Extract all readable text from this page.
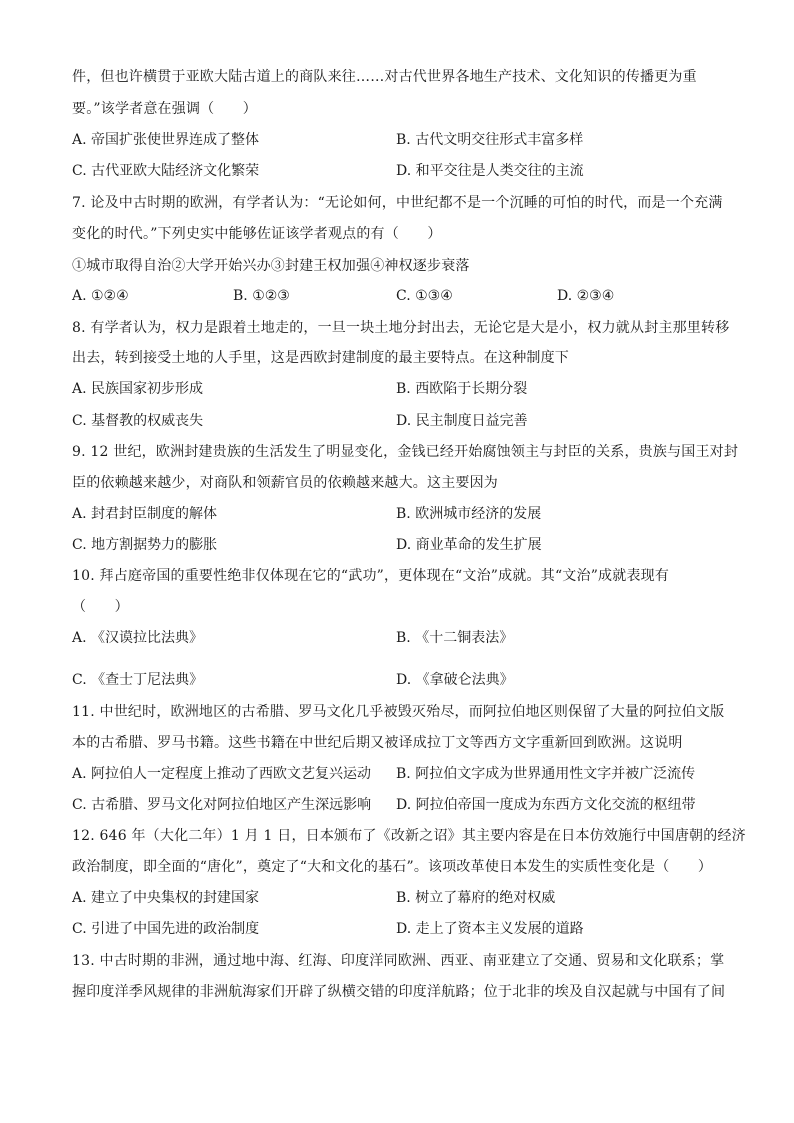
件，但也许横贯于亚欧大陆古道上的商队来往……对古代世界各地生产技术、文化知识的传播更为重
要。”该学者意在强调（　　）
A. 帝国扩张使世界连成了整体	B. 古代文明交往形式丰富多样
C. 古代亚欧大陆经济文化繁荣	D. 和平交往是人类交往的主流
7. 论及中古时期的欧洲，有学者认为：“无论如何，中世纪都不是一个沉睡的可怕的时代，而是一个充满
变化的时代。”下列史实中能够佐证该学者观点的有（　　）
①城市取得自治②大学开始兴办③封建王权加强④神权逐步衰落
A. ①②④	B. ①②③	C. ①③④	D. ②③④
8. 有学者认为，权力是跟着土地走的，一旦一块土地分封出去，无论它是大是小，权力就从封主那里转移
出去，转到接受土地的人手里，这是西欧封建制度的最主要特点。在这种制度下
A. 民族国家初步形成	B. 西欧陷于长期分裂
C. 基督教的权威丧失	D. 民主制度日益完善
9. 12 世纪，欧洲封建贵族的生活发生了明显变化，金钱已经开始腐蚀领主与封臣的关系，贵族与国王对封
臣的依赖越来越少，对商队和领薪官员的依赖越来越大。这主要因为
A. 封君封臣制度的解体	B. 欧洲城市经济的发展
C. 地方割据势力的膨胀	D. 商业革命的发生扩展
10. 拜占庭帝国的重要性绝非仅体现在它的“武功”，更体现在“文治”成就。其“文治”成就表现有
（　　）
A. 《汉谟拉比法典》	B. 《十二铜表法》
C. 《查士丁尼法典》	D. 《拿破仑法典》
11. 中世纪时，欧洲地区的古希腊、罗马文化几乎被毁灭殆尽，而阿拉伯地区则保留了大量的阿拉伯文版
本的古希腊、罗马书籍。这些书籍在中世纪后期又被译成拉丁文等西方文字重新回到欧洲。这说明
A. 阿拉伯人一定程度上推动了西欧文艺复兴运动 B. 阿拉伯文字成为世界通用性文字并被广泛流传
C. 古希腊、罗马文化对阿拉伯地区产生深远影响 D. 阿拉伯帝国一度成为东西方文化交流的枢纽带
12. 646 年（大化二年）1 月 1 日，日本颁布了《改新之诏》其主要内容是在日本仿效施行中国唐朝的经济
政治制度，即全面的“唐化”，奠定了“大和文化的基石”。该项改革使日本发生的实质性变化是（　　）
A. 建立了中央集权的封建国家	B. 树立了幕府的绝对权威
C. 引进了中国先进的政治制度	D. 走上了资本主义发展的道路
13. 中古时期的非洲，通过地中海、红海、印度洋同欧洲、西亚、南亚建立了交通、贸易和文化联系；掌
握印度洋季风规律的非洲航海家们开辟了纵横交错的印度洋航路；位于北非的埃及自汉起就与中国有了间
